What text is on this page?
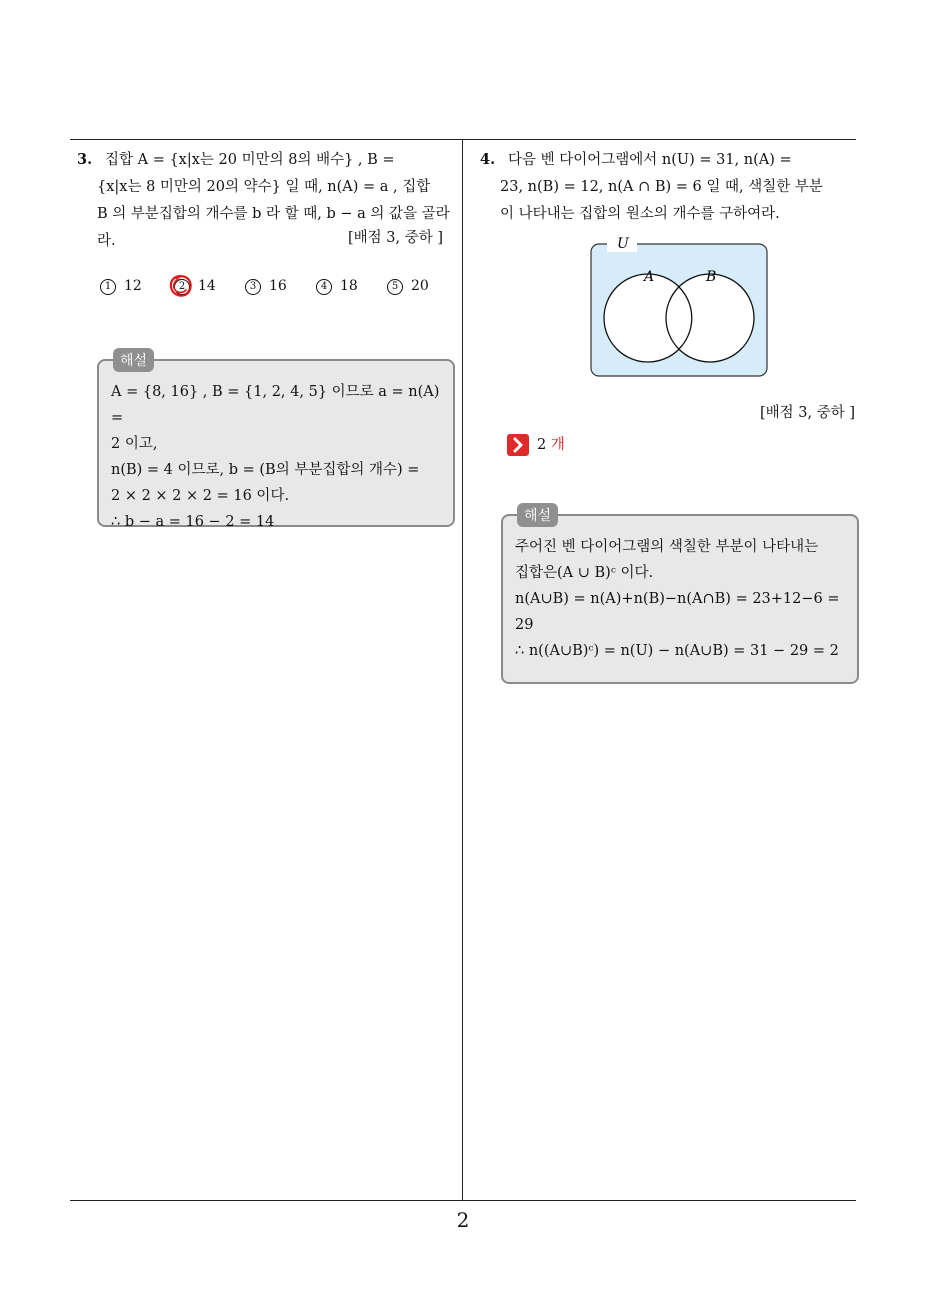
3. 집합 A = {x|x는 20 미만의 8의 배수} , B =
{x|x는 8 미만의 20의 약수} 일 때, n(A) = a , 집합
B 의 부분집합의 개수를 b 라 할 때, b − a 의 값을 골라
라.	[배점 3, 중하 ]
1 12	2 14	3 16	4 18	5 20
해설
A = {8, 16} , B = {1, 2, 4, 5} 이므로 a = n(A) =
2 이고,
n(B) = 4 이므로, b = (B의 부분집합의 개수) =
2 × 2 × 2 × 2 = 16 이다.
∴ b − a = 16 − 2 = 14
4. 다음 벤 다이어그램에서 n(U) = 31, n(A) =
23, n(B) = 12, n(A ∩ B) = 6 일 때, 색칠한 부분
이 나타내는 집합의 원소의 개수를 구하여라.
U
A	B
[배점 3, 중하 ]
2 개
해설
주어진 벤 다이어그램의 색칠한 부분이 나타내는
집합은(A ∪ B)ᶜ 이다.
n(A∪B) = n(A)+n(B)−n(A∩B) = 23+12−6 =
29
∴ n((A∪B)ᶜ) = n(U) − n(A∪B) = 31 − 29 = 2
2
